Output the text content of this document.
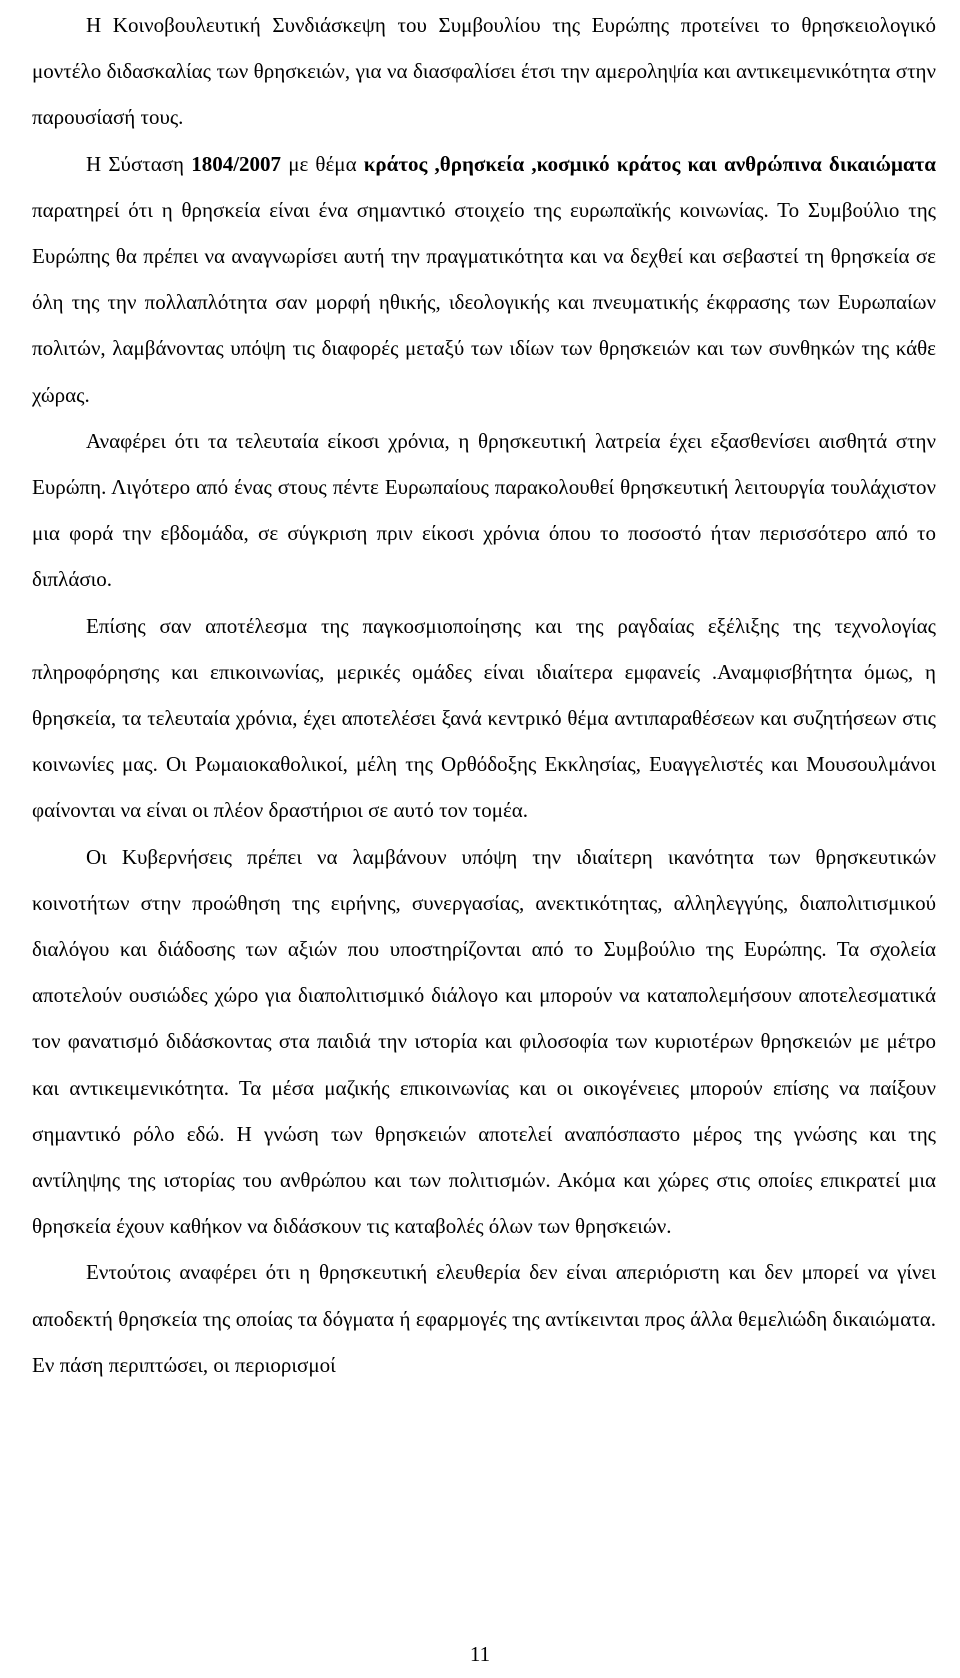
Η Κοινοβουλευτική Συνδιάσκεψη του Συμβουλίου της Ευρώπης προτείνει το θρησκειολογικό μοντέλο διδασκαλίας των θρησκειών, για να διασφαλίσει έτσι την αμεροληψία και αντικειμενικότητα στην παρουσίασή τους.

Η Σύσταση 1804/2007 με θέμα κράτος ,θρησκεία ,κοσμικό κράτος και ανθρώπινα δικαιώματα παρατηρεί ότι η θρησκεία είναι ένα σημαντικό στοιχείο της ευρωπαϊκής κοινωνίας. Το Συμβούλιο της Ευρώπης θα πρέπει να αναγνωρίσει αυτή την πραγματικότητα και να δεχθεί και σεβαστεί τη θρησκεία σε όλη της την πολλαπλότητα σαν μορφή ηθικής, ιδεολογικής και πνευματικής έκφρασης των Ευρωπαίων πολιτών, λαμβάνοντας υπόψη τις διαφορές μεταξύ των ιδίων των θρησκειών και των συνθηκών της κάθε χώρας.

Αναφέρει ότι τα τελευταία είκοσι χρόνια, η θρησκευτική λατρεία έχει εξασθενίσει αισθητά στην Ευρώπη. Λιγότερο από ένας στους πέντε Ευρωπαίους παρακολουθεί θρησκευτική λειτουργία τουλάχιστον μια φορά την εβδομάδα, σε σύγκριση πριν είκοσι χρόνια όπου το ποσοστό ήταν περισσότερο από το διπλάσιο.

Επίσης σαν αποτέλεσμα της παγκοσμιοποίησης και της ραγδαίας εξέλιξης της τεχνολογίας πληροφόρησης και επικοινωνίας, μερικές ομάδες είναι ιδιαίτερα εμφανείς .Αναμφισβήτητα όμως, η θρησκεία, τα τελευταία χρόνια, έχει αποτελέσει ξανά κεντρικό θέμα αντιπαραθέσεων και συζητήσεων στις κοινωνίες μας. Οι Ρωμαιοκαθολικοί, μέλη της Ορθόδοξης Εκκλησίας, Ευαγγελιστές και Μουσουλμάνοι φαίνονται να είναι οι πλέον δραστήριοι σε αυτό τον τομέα.

Οι Κυβερνήσεις πρέπει να λαμβάνουν υπόψη την ιδιαίτερη ικανότητα των θρησκευτικών κοινοτήτων στην προώθηση της ειρήνης, συνεργασίας, ανεκτικότητας, αλληλεγγύης, διαπολιτισμικού διαλόγου και διάδοσης των αξιών που υποστηρίζονται από το Συμβούλιο της Ευρώπης. Τα σχολεία αποτελούν ουσιώδες χώρο για διαπολιτισμικό διάλογο και μπορούν να καταπολεμήσουν αποτελεσματικά τον φανατισμό διδάσκοντας στα παιδιά την ιστορία και φιλοσοφία των κυριοτέρων θρησκειών με μέτρο και αντικειμενικότητα. Τα μέσα μαζικής επικοινωνίας και οι οικογένειες μπορούν επίσης να παίξουν σημαντικό ρόλο εδώ. Η γνώση των θρησκειών αποτελεί αναπόσπαστο μέρος της γνώσης και της αντίληψης της ιστορίας του ανθρώπου και των πολιτισμών. Ακόμα και χώρες στις οποίες επικρατεί μια θρησκεία έχουν καθήκον να διδάσκουν τις καταβολές όλων των θρησκειών.

Εντούτοις αναφέρει ότι η θρησκευτική ελευθερία δεν είναι απεριόριστη και δεν μπορεί να γίνει αποδεκτή θρησκεία της οποίας τα δόγματα ή εφαρμογές της αντίκεινται προς άλλα θεμελιώδη δικαιώματα. Εν πάση περιπτώσει, οι περιορισμοί

11
